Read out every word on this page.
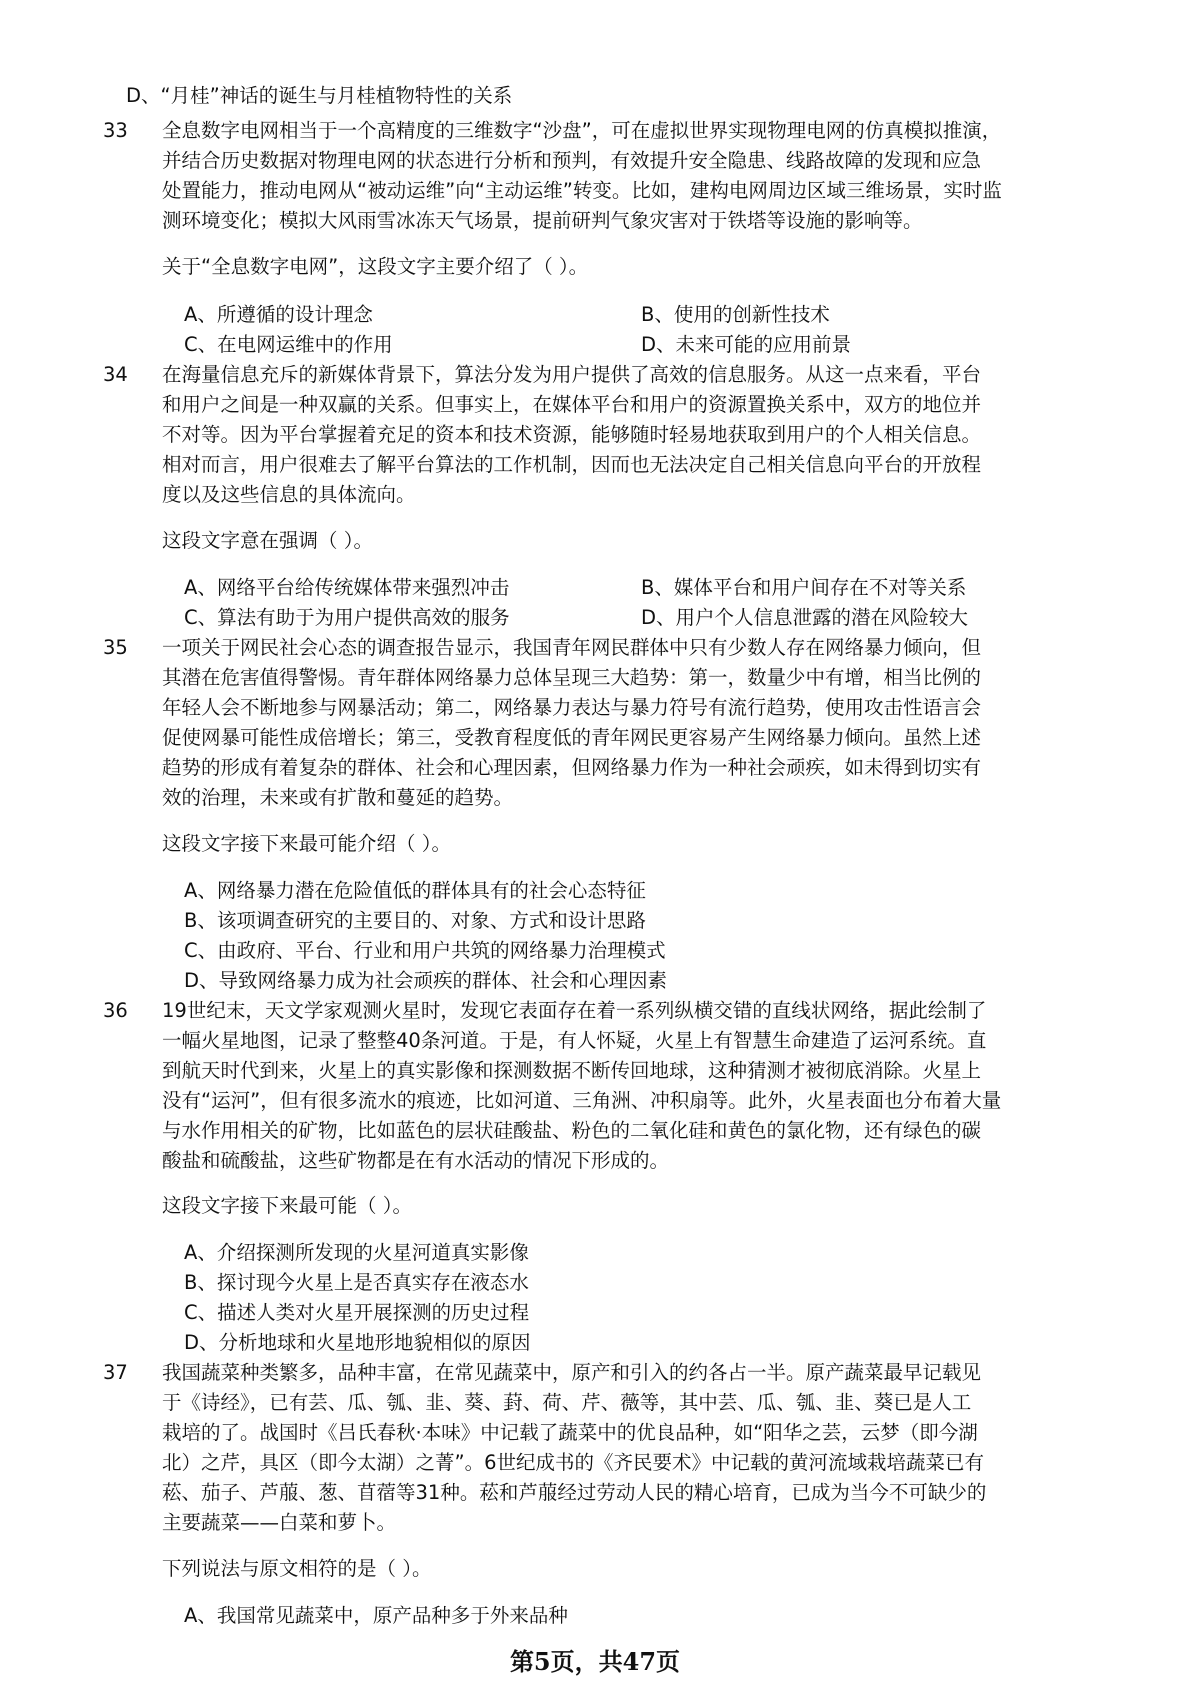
D、“月桂”神话的诞生与月桂植物特性的关系
33 全息数字电网相当于一个高精度的三维数字“沙盘”，可在虚拟世界实现物理电网的仿真模拟推演，
并结合历史数据对物理电网的状态进行分析和预判，有效提升安全隐患、线路故障的发现和应急
处置能力，推动电网从“被动运维”向“主动运维”转变。比如，建构电网周边区域三维场景，实时监
测环境变化；模拟大风雨雪冰冻天气场景，提前研判气象灾害对于铁塔等设施的影响等。
关于“全息数字电网”，这段文字主要介绍了（ ）。
A、所遵循的设计理念	B、使用的创新性技术
C、在电网运维中的作用	D、未来可能的应用前景
34 在海量信息充斥的新媒体背景下，算法分发为用户提供了高效的信息服务。从这一点来看，平台
和用户之间是一种双赢的关系。但事实上，在媒体平台和用户的资源置换关系中，双方的地位并
不对等。因为平台掌握着充足的资本和技术资源，能够随时轻易地获取到用户的个人相关信息。
相对而言，用户很难去了解平台算法的工作机制，因而也无法决定自己相关信息向平台的开放程
度以及这些信息的具体流向。
这段文字意在强调（ ）。
A、网络平台给传统媒体带来强烈冲击	B、媒体平台和用户间存在不对等关系
C、算法有助于为用户提供高效的服务	D、用户个人信息泄露的潜在风险较大
35 一项关于网民社会心态的调查报告显示，我国青年网民群体中只有少数人存在网络暴力倾向，但
其潜在危害值得警惕。青年群体网络暴力总体呈现三大趋势：第一，数量少中有增，相当比例的
年轻人会不断地参与网暴活动；第二，网络暴力表达与暴力符号有流行趋势，使用攻击性语言会
促使网暴可能性成倍增长；第三，受教育程度低的青年网民更容易产生网络暴力倾向。虽然上述
趋势的形成有着复杂的群体、社会和心理因素，但网络暴力作为一种社会顽疾，如未得到切实有
效的治理，未来或有扩散和蔓延的趋势。
这段文字接下来最可能介绍（ ）。
A、网络暴力潜在危险值低的群体具有的社会心态特征
B、该项调查研究的主要目的、对象、方式和设计思路
C、由政府、平台、行业和用户共筑的网络暴力治理模式
D、导致网络暴力成为社会顽疾的群体、社会和心理因素
36 19世纪末，天文学家观测火星时，发现它表面存在着一系列纵横交错的直线状网络，据此绘制了
一幅火星地图，记录了整整40条河道。于是，有人怀疑，火星上有智慧生命建造了运河系统。直
到航天时代到来，火星上的真实影像和探测数据不断传回地球，这种猜测才被彻底消除。火星上
没有“运河”，但有很多流水的痕迹，比如河道、三角洲、冲积扇等。此外，火星表面也分布着大量
与水作用相关的矿物，比如蓝色的层状硅酸盐、粉色的二氧化硅和黄色的氯化物，还有绿色的碳
酸盐和硫酸盐，这些矿物都是在有水活动的情况下形成的。
这段文字接下来最可能（ ）。
A、介绍探测所发现的火星河道真实影像
B、探讨现今火星上是否真实存在液态水
C、描述人类对火星开展探测的历史过程
D、分析地球和火星地形地貌相似的原因
37 我国蔬菜种类繁多，品种丰富，在常见蔬菜中，原产和引入的约各占一半。原产蔬菜最早记载见
于《诗经》，已有芸、瓜、瓠、韭、葵、葑、荷、芹、薇等，其中芸、瓜、瓠、韭、葵已是人工
栽培的了。战国时《吕氏春秋·本味》中记载了蔬菜中的优良品种，如“阳华之芸，云梦（即今湖
北）之芹，具区（即今太湖）之菁”。6世纪成书的《齐民要术》中记载的黄河流域栽培蔬菜已有
菘、茄子、芦菔、葱、苜蓿等31种。菘和芦菔经过劳动人民的精心培育，已成为当今不可缺少的
主要蔬菜——白菜和萝卜。
下列说法与原文相符的是（ ）。
A、我国常见蔬菜中，原产品种多于外来品种
第5页，共47页
